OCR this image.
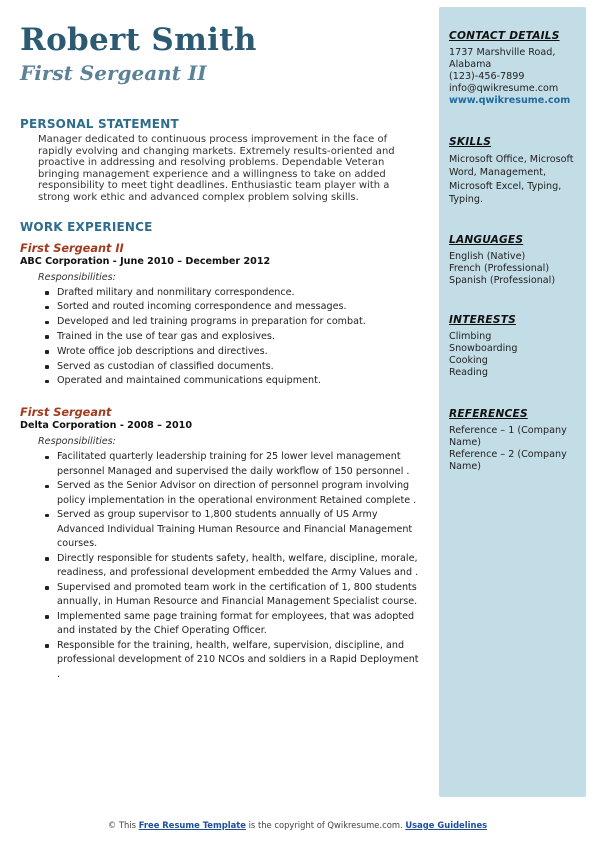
Robert Smith
First Sergeant II
PERSONAL STATEMENT
Manager dedicated to continuous process improvement in the face of rapidly evolving and changing markets. Extremely results-oriented and proactive in addressing and resolving problems. Dependable Veteran bringing management experience and a willingness to take on added responsibility to meet tight deadlines. Enthusiastic team player with a strong work ethic and advanced complex problem solving skills.
WORK EXPERIENCE
First Sergeant II
ABC Corporation - June 2010 – December 2012
Responsibilities:
Drafted military and nonmilitary correspondence.
Sorted and routed incoming correspondence and messages.
Developed and led training programs in preparation for combat.
Trained in the use of tear gas and explosives.
Wrote office job descriptions and directives.
Served as custodian of classified documents.
Operated and maintained communications equipment.
First Sergeant
Delta Corporation - 2008 – 2010
Responsibilities:
Facilitated quarterly leadership training for 25 lower level management personnel Managed and supervised the daily workflow of 150 personnel .
Served as the Senior Advisor on direction of personnel program involving policy implementation in the operational environment Retained complete .
Served as group supervisor to 1,800 students annually of US Army Advanced Individual Training Human Resource and Financial Management courses.
Directly responsible for students safety, health, welfare, discipline, morale, readiness, and professional development embedded the Army Values and .
Supervised and promoted team work in the certification of 1, 800 students annually, in Human Resource and Financial Management Specialist course.
Implemented same page training format for employees, that was adopted and instated by the Chief Operating Officer.
Responsible for the training, health, welfare, supervision, discipline, and professional development of 210 NCOs and soldiers in a Rapid Deployment .
CONTACT DETAILS
1737 Marshville Road, Alabama
(123)-456-7899
info@qwikresume.com
www.qwikresume.com
SKILLS
Microsoft Office, Microsoft Word, Management, Microsoft Excel, Typing, Typing.
LANGUAGES
English (Native)
French (Professional)
Spanish (Professional)
INTERESTS
Climbing
Snowboarding
Cooking
Reading
REFERENCES
Reference – 1 (Company Name)
Reference – 2 (Company Name)
© This Free Resume Template is the copyright of Qwikresume.com. Usage Guidelines
